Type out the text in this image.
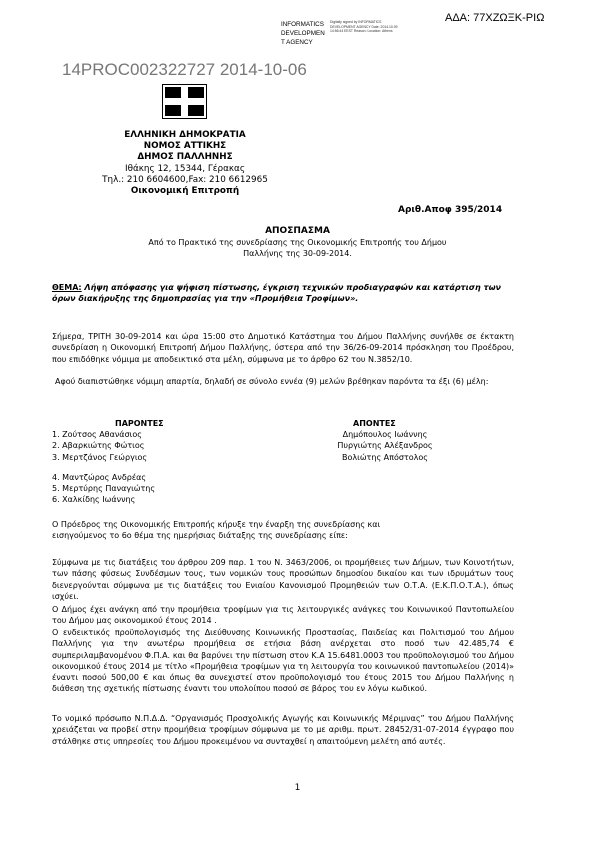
INFORMATICS DEVELOPMEN T AGENCY
Digitally signed by INFORMATICS DEVELOPMENT AGENCY Date: 2014.10.09 14:56:44 EEST Reason: Location: Athens
ΑΔΑ: 77ΧΖΩΞΚ-ΡΙΩ
14PROC002322727 2014-10-06
ΕΛΛΗΝΙΚΗ ΔΗΜΟΚΡΑΤΙΑ
ΝΟΜΟΣ ΑΤΤΙΚΗΣ
ΔΗΜΟΣ ΠΑΛΛΗΝΗΣ
Ιθάκης 12, 15344, Γέρακας
Τηλ.: 210 6604600,Fax: 210 6612965
Οικονομική Επιτροπή
Αριθ.Αποφ 395/2014
ΑΠΟΣΠΑΣΜΑ
Από το Πρακτικό της συνεδρίασης της Οικονομικής Επιτροπής του Δήμου Παλλήνης της 30-09-2014.
ΘΕΜΑ: Λήψη απόφασης για ψήφιση πίστωσης, έγκριση τεχνικών προδιαγραφών και κατάρτιση των όρων διακήρυξης της δημοπρασίας για την «Προμήθεια Τροφίμων».

Σήμερα, ΤΡΙΤΗ 30-09-2014 και ώρα 15:00 στο Δημοτικό Κατάστημα του Δήμου Παλλήνης συνήλθε σε έκτακτη συνεδρίαση η Οικονομική Επιτροπή Δήμου Παλλήνης, ύστερα από την 36/26-09-2014 πρόσκληση του Προέδρου, που επιδόθηκε νόμιμα με αποδεικτικό στα μέλη, σύμφωνα με το άρθρο 62 του Ν.3852/10.

Αφού διαπιστώθηκε νόμιμη απαρτία, δηλαδή σε σύνολο εννέα (9) μελών βρέθηκαν παρόντα τα έξι (6) μέλη:

ΠΑΡΟΝΤΕΣ	ΑΠΟΝΤΕΣ
1. Ζούτσος Αθανάσιος
2. Αβαρκιώτης Φώτιος
3. Μερτζάνος Γεώργιος
4. Μαντζώρος Ανδρέας
5. Μερτύρης Παναγιώτης
6. Χαλκίδης Ιωάννης
Δημόπουλος Ιωάννης
Πυργιώτης Αλέξανδρος
Βολιώτης Απόστολος
Ο Πρόεδρος της Οικονομικής Επιτροπής κήρυξε την έναρξη της συνεδρίασης και
εισηγούμενος το 6ο θέμα της ημερήσιας διάταξης της συνεδρίασης είπε:

Σύμφωνα με τις διατάξεις του άρθρου 209 παρ. 1 του Ν. 3463/2006, οι προμήθειες των Δήμων, των Κοινοτήτων, των πάσης φύσεως Συνδέσμων τους, των νομικών τους προσώπων δημοσίου δικαίου και των ιδρυμάτων τους διενεργούνται σύμφωνα με τις διατάξεις του Ενιαίου Κανονισμού Προμηθειών των Ο.Τ.Α. (Ε.Κ.Π.Ο.Τ.Α.), όπως ισχύει.

Ο Δήμος έχει ανάγκη από την προμήθεια τροφίμων για τις λειτουργικές ανάγκες του Κοινωνικού Παντοπωλείου του Δήμου μας οικονομικού έτους 2014 .

Ο ενδεικτικός προϋπολογισμός της Διεύθυνσης Κοινωνικής Προστασίας, Παιδείας και Πολιτισμού του Δήμου Παλλήνης για την ανωτέρω προμήθεια σε ετήσια βάση ανέρχεται στο ποσό των 42.485,74 € συμπεριλαμβανομένου Φ.Π.Α. και θα βαρύνει την πίστωση στον Κ.Α 15.6481.0003 του προϋπολογισμού του Δήμου οικονομικού έτους 2014 με τίτλο «Προμήθεια τροφίμων για τη λειτουργία του κοινωνικού παντοπωλείου (2014)» έναντι ποσού 500,00 € και όπως θα συνεχιστεί στον προϋπολογισμό του έτους 2015 του Δήμου Παλλήνης η διάθεση της σχετικής πίστωσης έναντι του υπολοίπου ποσού σε βάρος του εν λόγω κωδικού.

Το νομικό πρόσωπο Ν.Π.Δ.Δ. “Οργανισμός Προσχολικής Αγωγής και Κοινωνικής Μέριμνας” του Δήμου Παλλήνης χρειάζεται να προβεί στην προμήθεια τροφίμων σύμφωνα με το με αριθμ. πρωτ. 28452/31-07-2014 έγγραφο που στάλθηκε στις υπηρεσίες του Δήμου προκειμένου να συνταχθεί η απαιτούμενη μελέτη από αυτές.

1
